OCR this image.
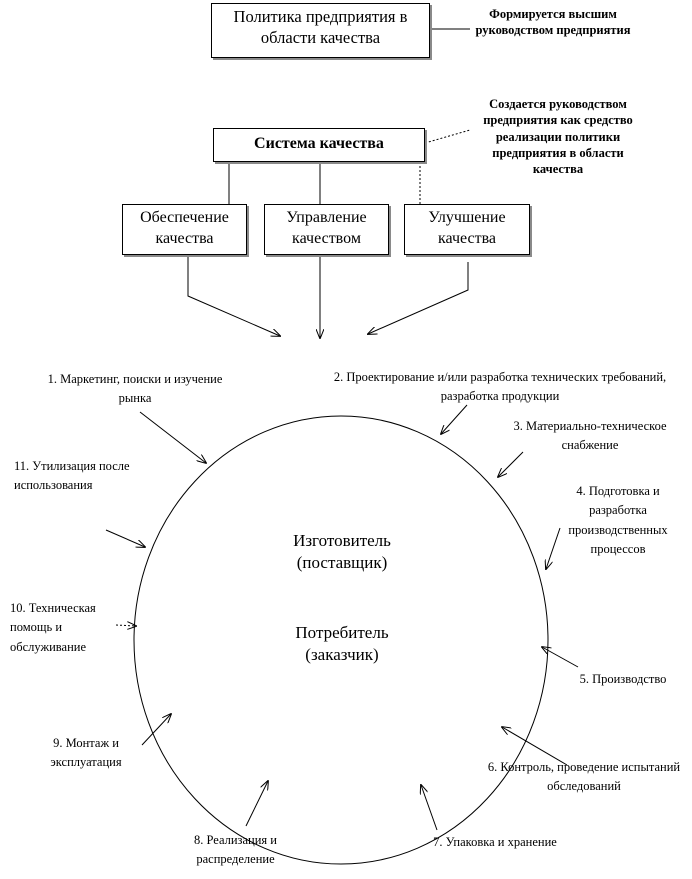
Политика предприятия в области качества
Формируется высшим руководством предприятия
Система качества
Создается руководством предприятия как средство реализации политики предприятия в области качества
Обеспечение качества
Управление качеством
Улучшение качества
Изготовитель (поставщик)
Потребитель (заказчик)
1. Маркетинг, поиски и изучение рынка
2. Проектирование и/или разработка технических требований, разработка продукции
3. Материально-техническое снабжение
4. Подготовка и разработка производственных процессов
5. Производство
6. Контроль, проведение испытаний обследований
7. Упаковка и хранение
8. Реализация и распределение
9. Монтаж и эксплуатация
10. Техническая помощь и обслуживание
11. Утилизация после использования
